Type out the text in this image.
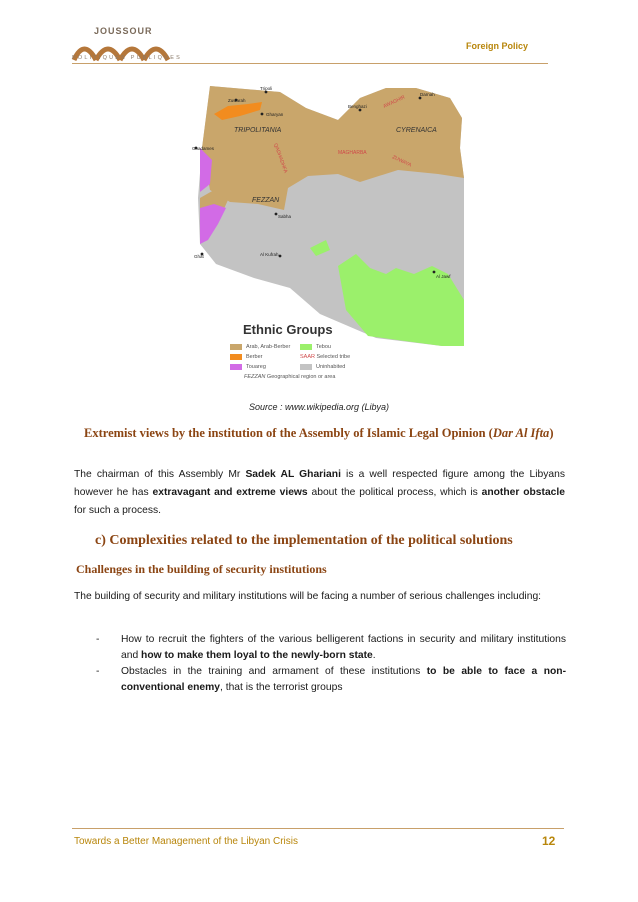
JOUSSOUR
POLITIQUES PUBLIQUES
Foreign Policy
TRIPOLITANIA	CYRENAICA
FEZZAN
Tripoli
Zuwarah
Gharyan
Benghazi
Darnah
Ghadames
Sabha
Ghat	Al Kufrah
Al Jawf
AWAGHIR
MAGHARBA
ZUWAYA
QADHADHFA
Ethnic Groups
Arab, Arab-Berber
Berber
Touareg
FEZZAN Geographical region or area
Tebou
SAAR Selected tribe
Uninhabited
Source : www.wikipedia.org (Libya)
Extremist views by the institution of the Assembly of Islamic Legal Opinion (Dar Al Ifta)
The chairman of this Assembly Mr Sadek AL Ghariani is a well respected figure among the Libyans however he has extravagant and extreme views about the political process, which is another obstacle for such a process.
c) Complexities related to the implementation of the political solutions
Challenges in the building of security institutions
The building of security and military institutions will be facing a number of serious challenges including:
- How to recruit the fighters of the various belligerent factions in security and military institutions and how to make them loyal to the newly-born state.
- Obstacles in the training and armament of these institutions to be able to face a non-conventional enemy, that is the terrorist groups
Towards a Better Management of the Libyan Crisis	12
